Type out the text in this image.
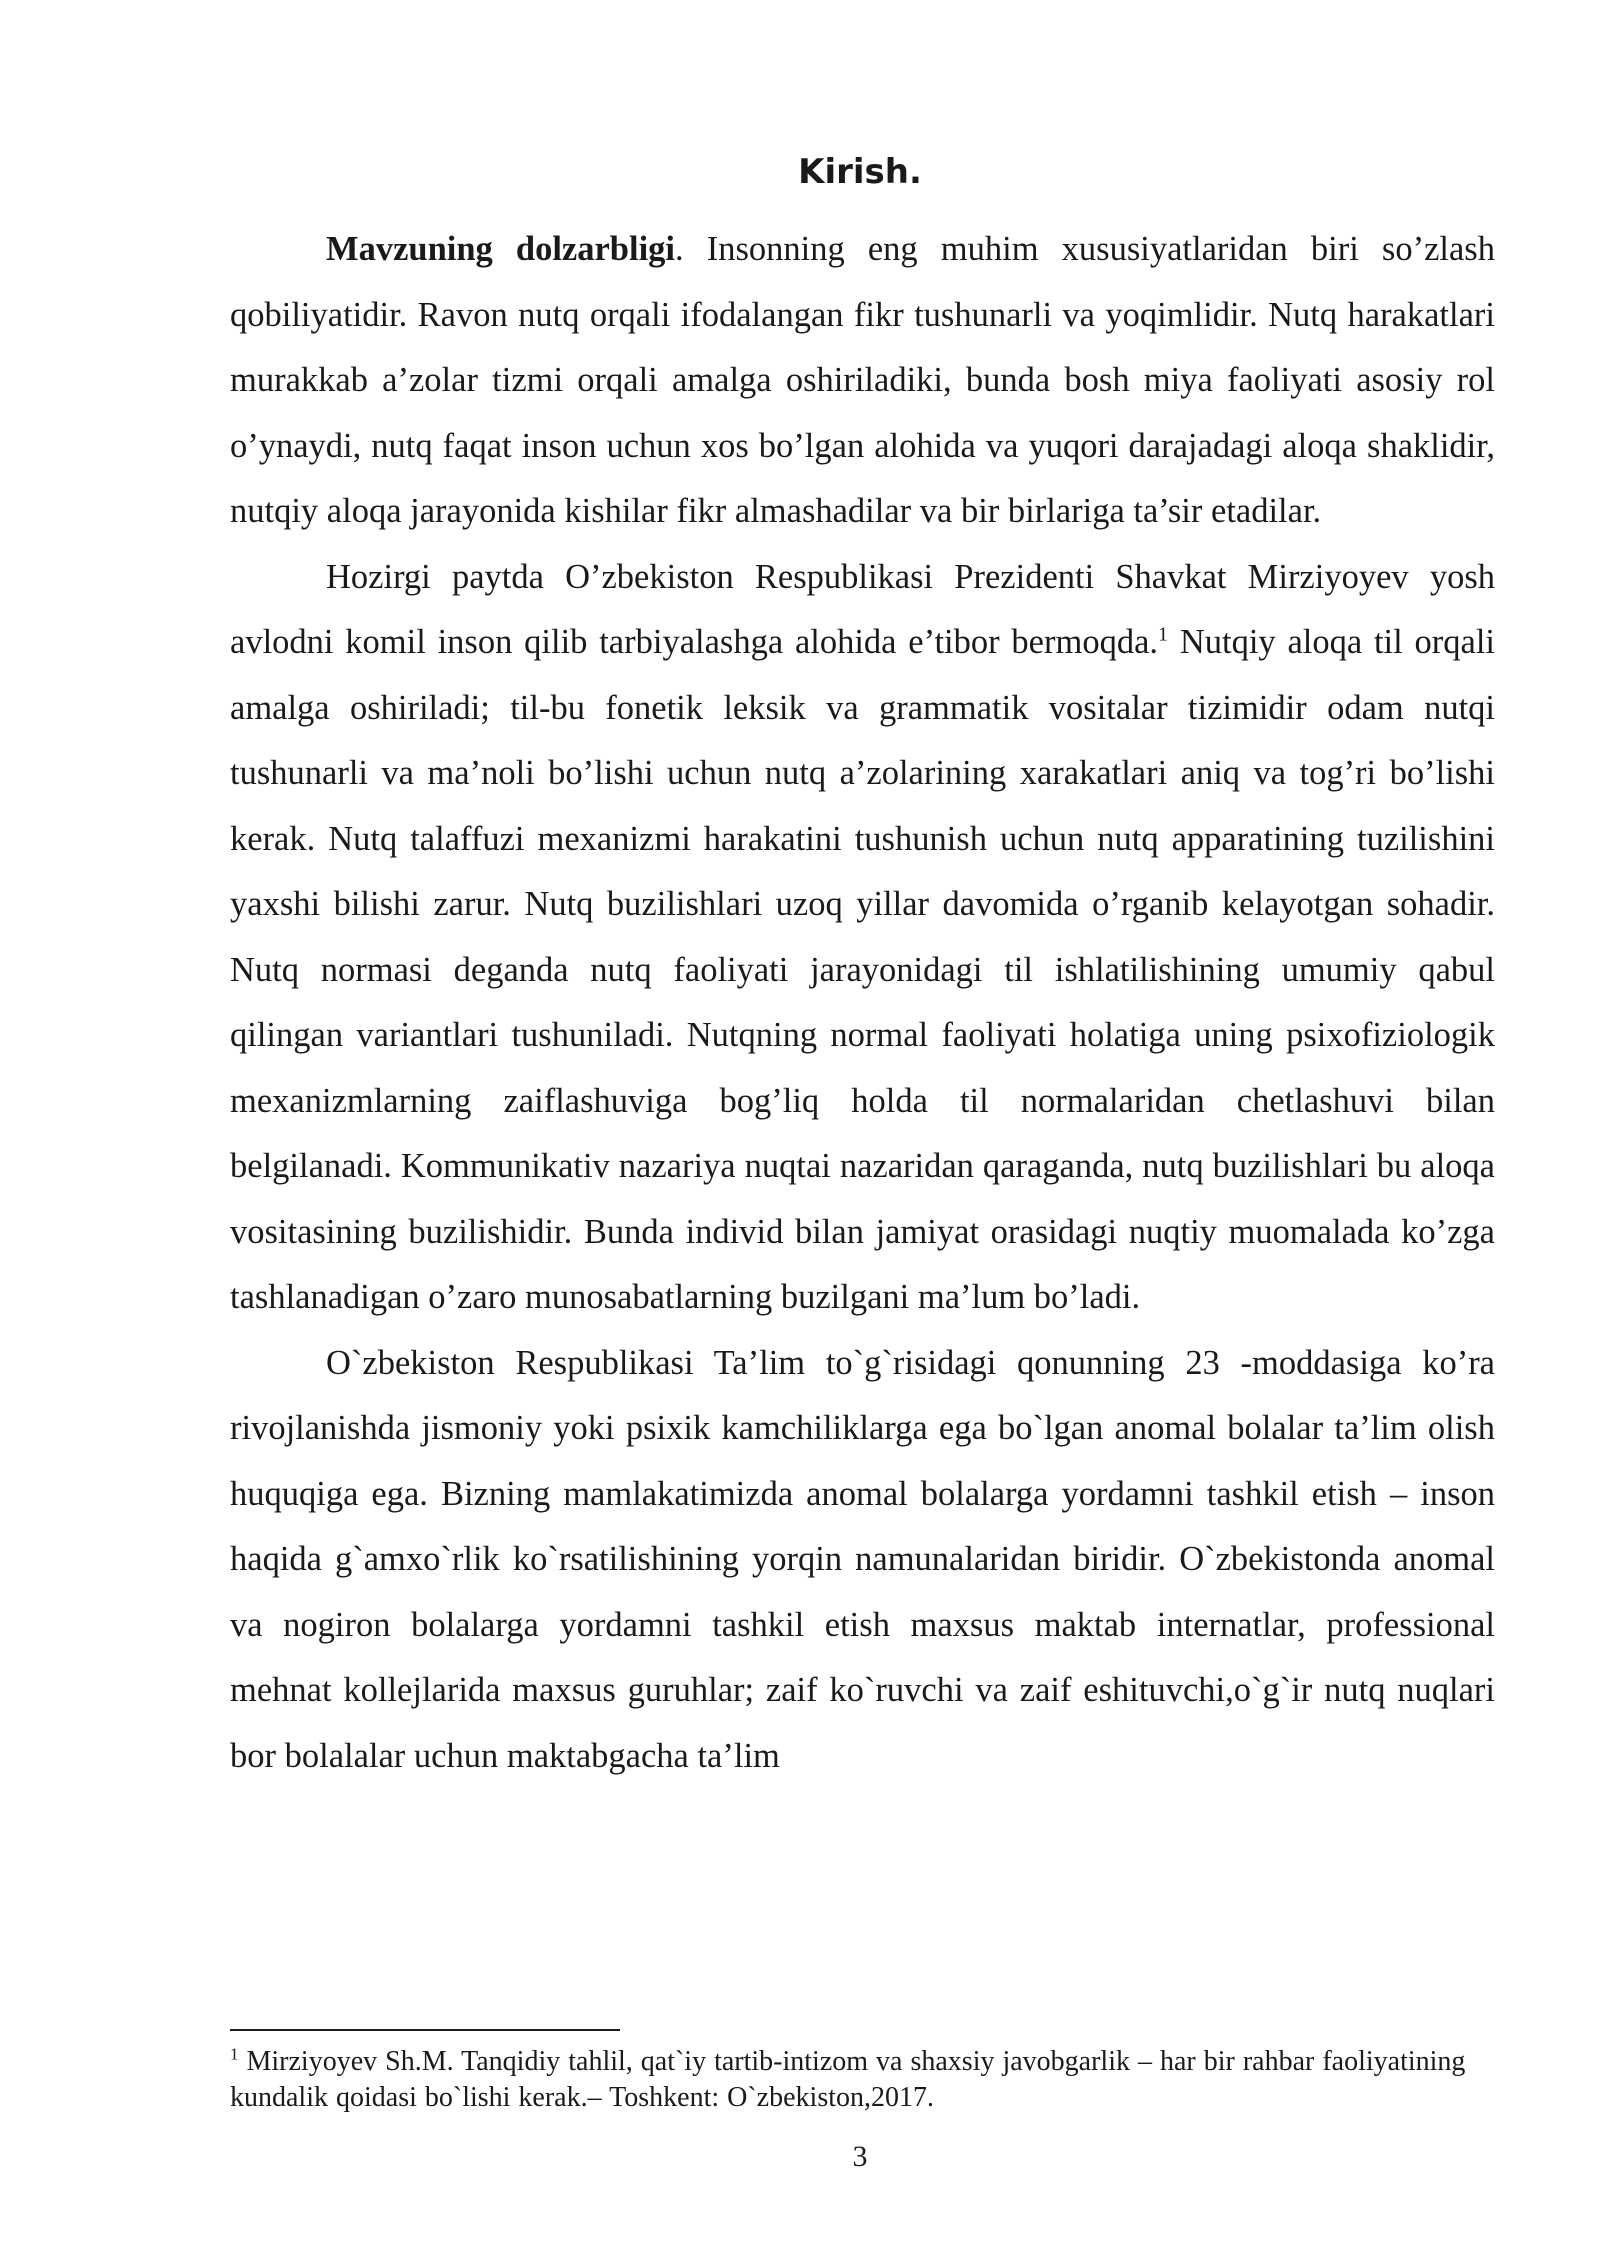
Kirish.

Mavzuning dolzarbligi. Insonning eng muhim xususiyatlaridan biri so’zlash qobiliyatidir. Ravon nutq orqali ifodalangan fikr tushunarli va yoqimlidir. Nutq harakatlari murakkab a’zolar tizmi orqali amalga oshiriladiki, bunda bosh miya faoliyati asosiy rol o’ynaydi, nutq faqat inson uchun xos bo’lgan alohida va yuqori darajadagi aloqa shaklidir, nutqiy aloqa jarayonida kishilar fikr almashadilar va bir birlariga ta’sir etadilar.

Hozirgi paytda O’zbekiston Respublikasi Prezidenti Shavkat Mirziyoyev yosh avlodni komil inson qilib tarbiyalashga alohida e’tibor bermoqda.$^1$ Nutqiy aloqa til orqali amalga oshiriladi; til-bu fonetik leksik va grammatik vositalar tizimidir odam nutqi tushunarli va ma’noli bo’lishi uchun nutq a’zolarining xarakatlari aniq va tog’ri bo’lishi kerak. Nutq talaffuzi mexanizmi harakatini tushunish uchun nutq apparatining tuzilishini yaxshi bilishi zarur. Nutq buzilishlari uzoq yillar davomida o’rganib kelayotgan sohadir. Nutq normasi deganda nutq faoliyati jarayonidagi til ishlatilishining umumiy qabul qilingan variantlari tushuniladi. Nutqning normal faoliyati holatiga uning psixofiziologik mexanizmlarning zaiflashuviga bog’liq holda til normalaridan chetlashuvi bilan belgilanadi. Kommunikativ nazariya nuqtai nazaridan qaraganda, nutq buzilishlari bu aloqa vositasining buzilishidir. Bunda individ bilan jamiyat orasidagi nuqtiy muomalada ko’zga tashlanadigan o’zaro munosabatlarning buzilgani ma’lum bo’ladi.

O`zbekiston Respublikasi Ta’lim to`g`risidagi qonunning 23 -moddasiga ko’ra rivojlanishda jismoniy yoki psixik kamchiliklarga ega bo`lgan anomal bolalar ta’lim olish huquqiga ega. Bizning mamlakatimizda anomal bolalarga yordamni tashkil etish – inson haqida g`amxo`rlik ko`rsatilishining yorqin namunalaridan biridir. O`zbekistonda anomal va nogiron bolalarga yordamni tashkil etish maxsus maktab internatlar, professional mehnat kollejlarida maxsus guruhlar; zaif ko`ruvchi va zaif eshituvchi,o`g`ir nutq nuqlari bor bolalalar uchun maktabgacha ta’lim

$^1$ Mirziyoyev Sh.M. Tanqidiy tahlil, qat`iy tartib-intizom va shaxsiy javobgarlik – har bir rahbar faoliyatining kundalik qoidasi bo`lishi kerak.– Toshkent: O`zbekiston,2017.

3
